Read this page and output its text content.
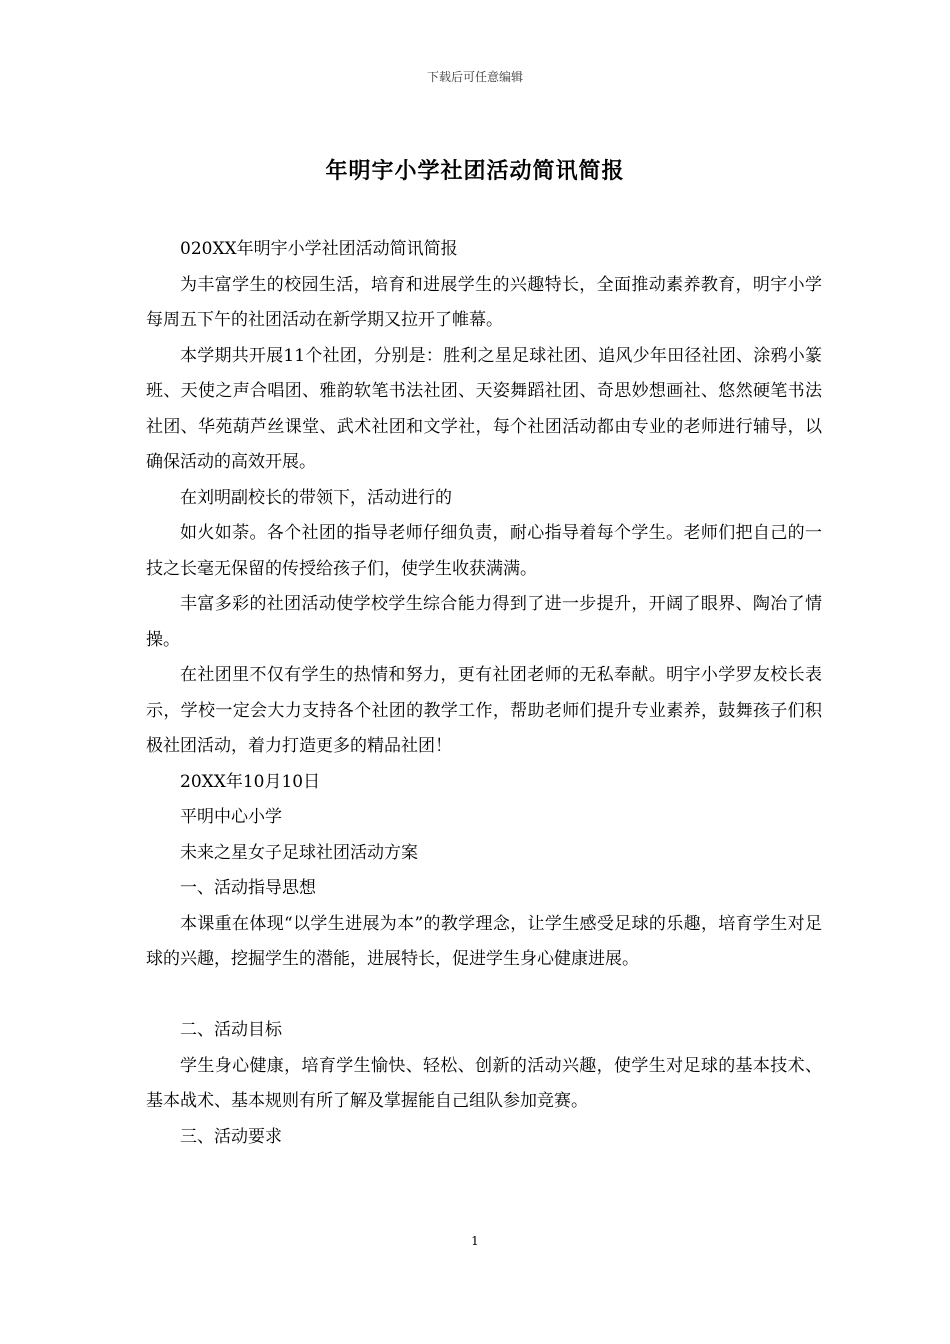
下载后可任意编辑
年明宇小学社团活动简讯简报

020XX年明宇小学社团活动简讯简报

为丰富学生的校园生活，培育和进展学生的兴趣特长，全面推动素养教育，明宇小学每周五下午的社团活动在新学期又拉开了帷幕。

本学期共开展11个社团，分别是：胜利之星足球社团、追风少年田径社团、涂鸦小篆班、天使之声合唱团、雅韵软笔书法社团、天姿舞蹈社团、奇思妙想画社、悠然硬笔书法社团、华苑葫芦丝课堂、武术社团和文学社，每个社团活动都由专业的老师进行辅导，以确保活动的高效开展。

在刘明副校长的带领下，活动进行的

如火如荼。各个社团的指导老师仔细负责，耐心指导着每个学生。老师们把自己的一技之长毫无保留的传授给孩子们，使学生收获满满。

丰富多彩的社团活动使学校学生综合能力得到了进一步提升，开阔了眼界、陶冶了情操。

在社团里不仅有学生的热情和努力，更有社团老师的无私奉献。明宇小学罗友校长表示，学校一定会大力支持各个社团的教学工作，帮助老师们提升专业素养，鼓舞孩子们积极社团活动，着力打造更多的精品社团！

20XX年10月10日

平明中心小学

未来之星女子足球社团活动方案

一、活动指导思想

本课重在体现“以学生进展为本”的教学理念，让学生感受足球的乐趣，培育学生对足球的兴趣，挖掘学生的潜能，进展特长，促进学生身心健康进展。

二、活动目标

学生身心健康，培育学生愉快、轻松、创新的活动兴趣，使学生对足球的基本技术、基本战术、基本规则有所了解及掌握能自己组队参加竞赛。

三、活动要求

1
